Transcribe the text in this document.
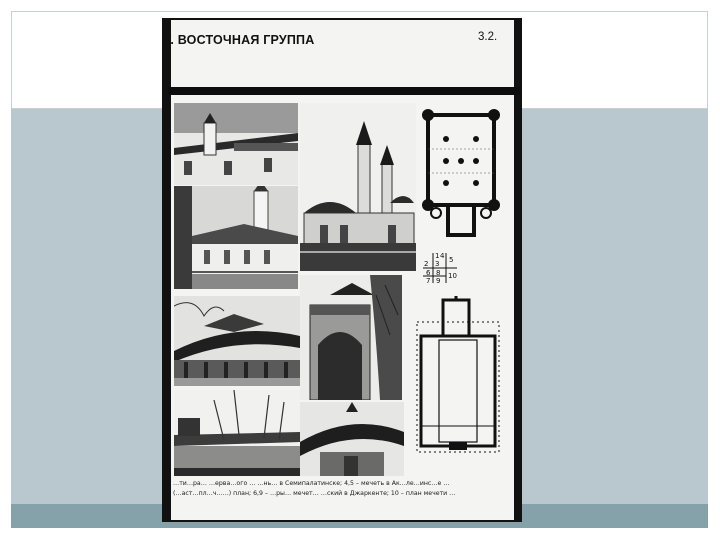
V. ВОСТОЧНАЯ ГРУППА	3.2.
1
2 3
4 5
6
7
8
9
10
…ти…ра… …ерва…ого … …нь… в Семипалатинске; 4,5 – мечеть в Ак…ле…инс…е …
(…аст…пл…ч……) план; 6,9 – …ры… мечет… …ский в Джаркенте; 10 – план мечети …
